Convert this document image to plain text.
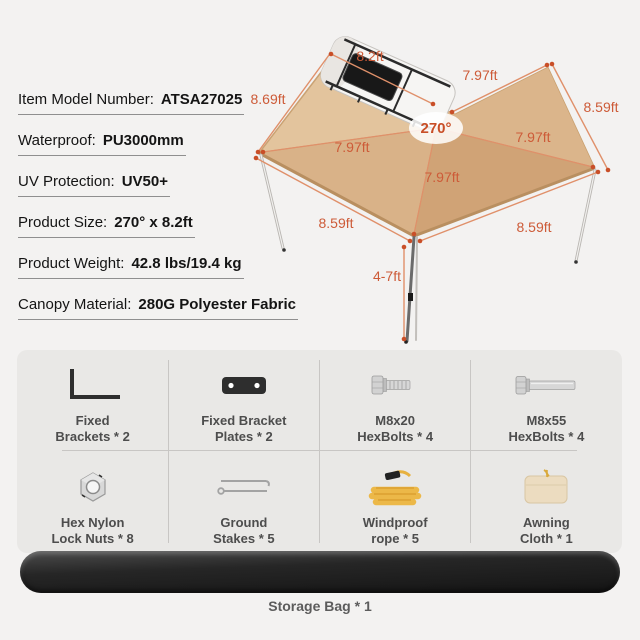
Item Model Number: ATSA27025
Waterproof: PU3000mm
UV Protection: UV50+
Product Size: 270° x 8.2ft
Product Weight: 42.8 lbs/19.4 kg
Canopy Material: 280G Polyester Fabric
8.2ft
7.97ft
8.69ft	8.59ft
7.97ft
7.97ft
7.97ft
8.59ft	8.59ft
4-7ft
270°
Fixed
Brackets * 2
Fixed Bracket
Plates * 2
M8x20
HexBolts * 4
M8x55
HexBolts * 4
Hex Nylon
Lock Nuts * 8
Ground
Stakes * 5
Windproof
rope * 5
Awning
Cloth * 1
Storage Bag * 1
